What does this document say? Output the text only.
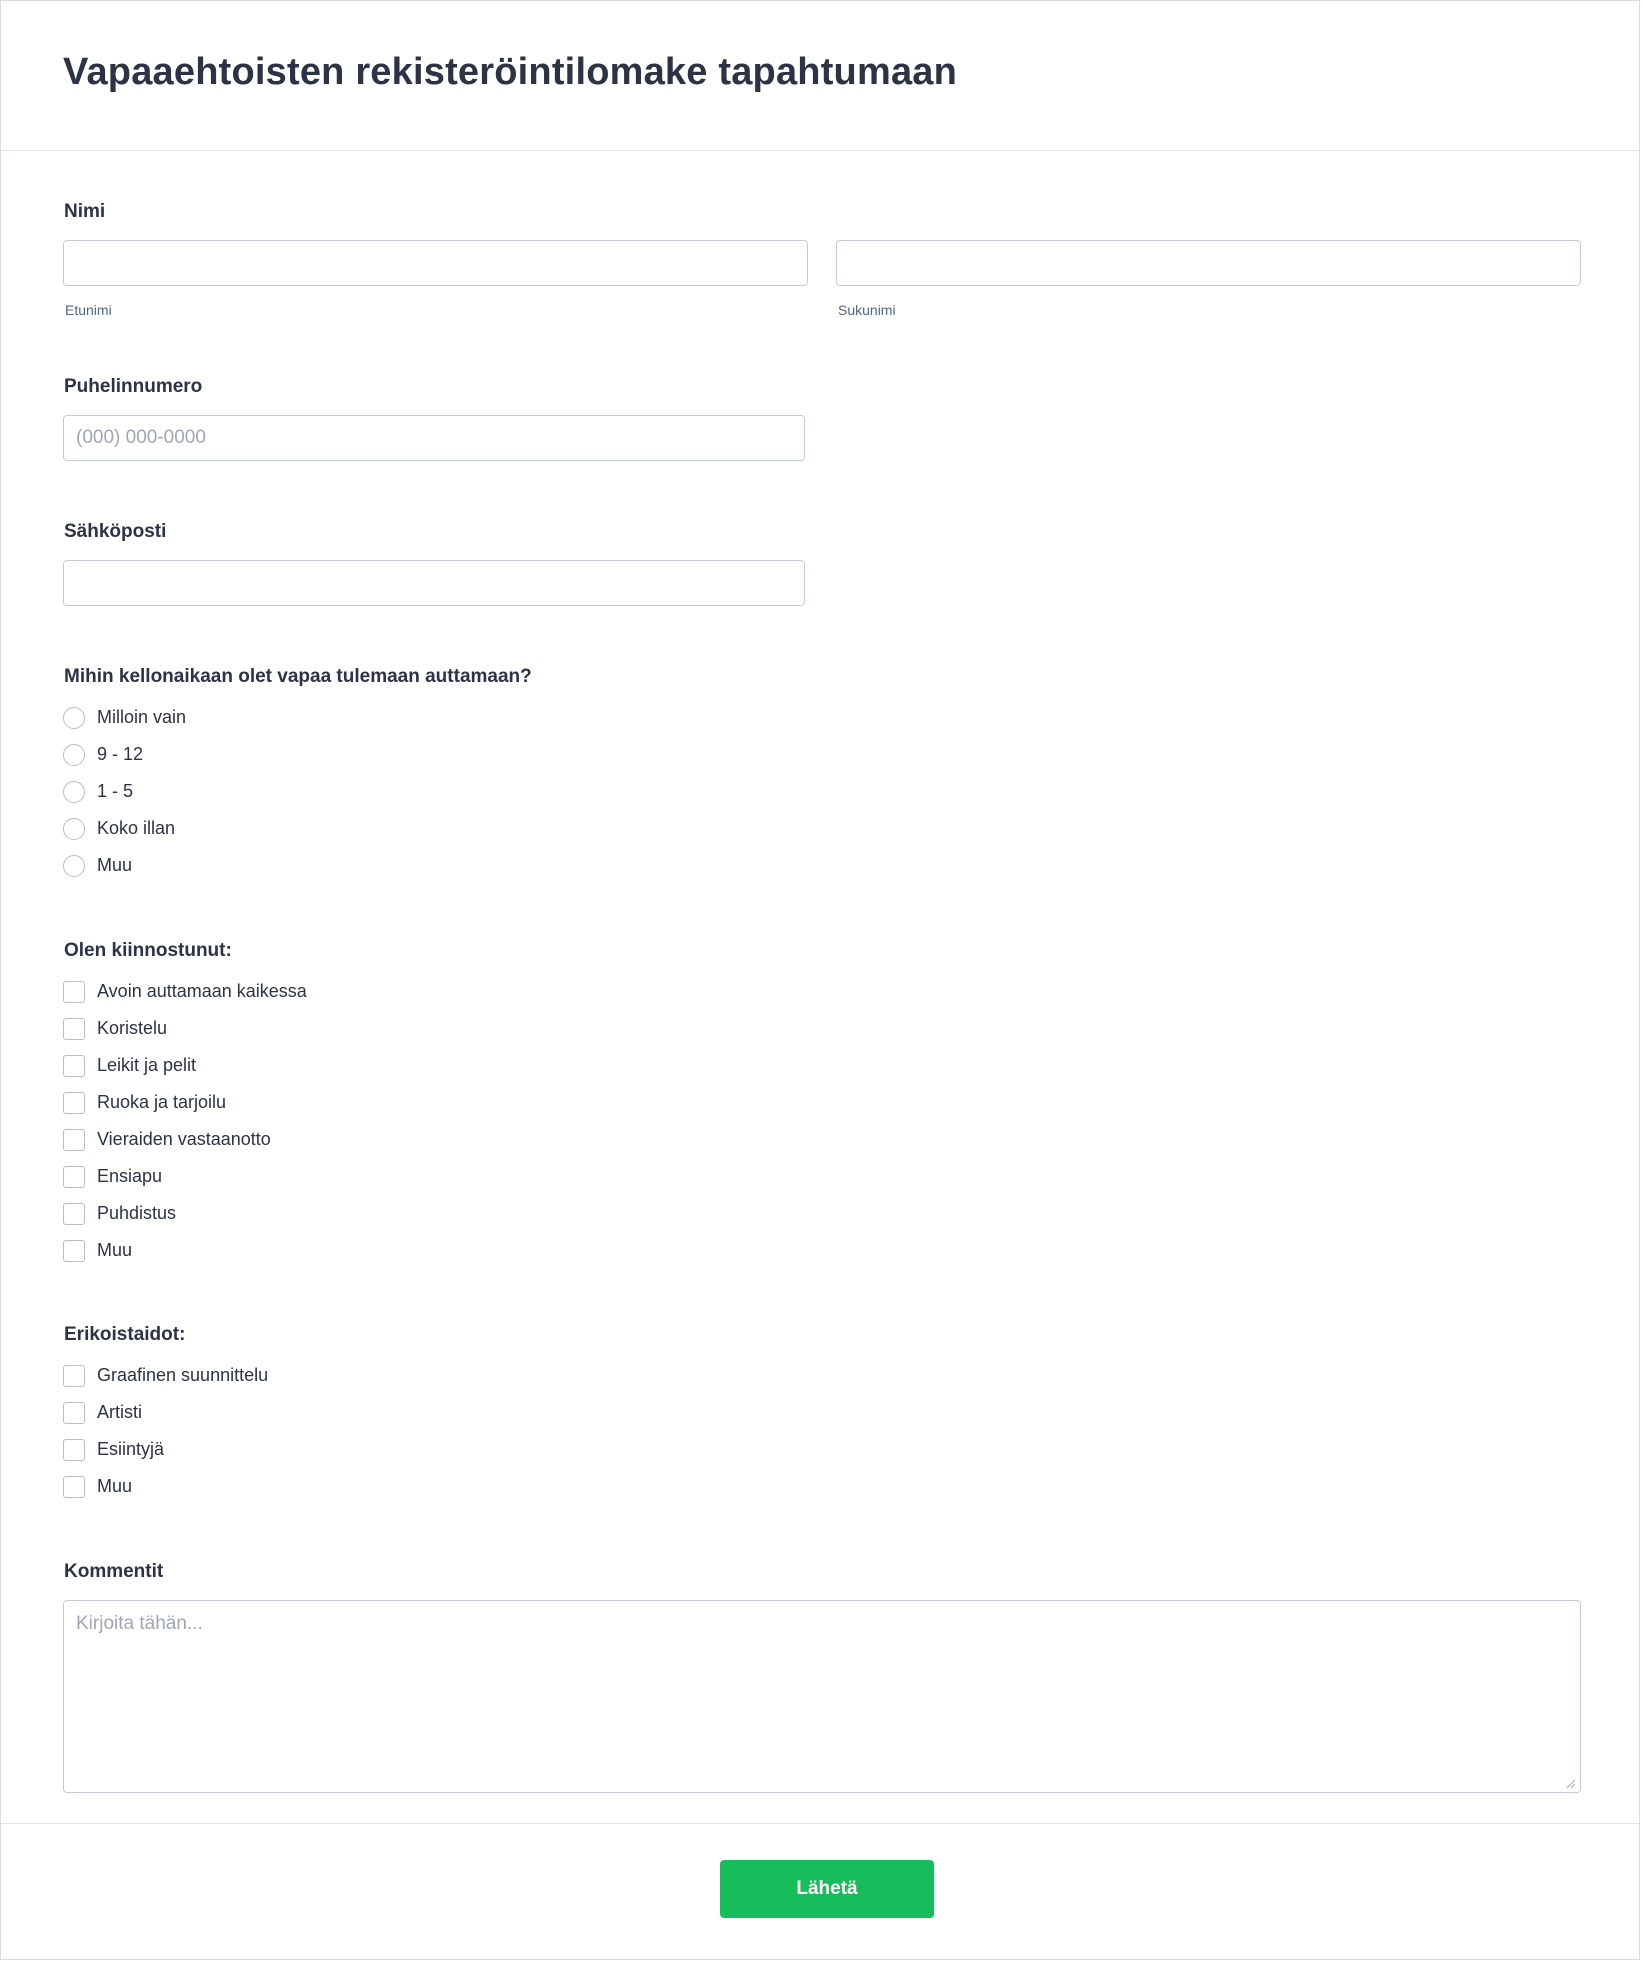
Vapaaehtoisten rekisteröintilomake tapahtumaan
Nimi
Etunimi	Sukunimi
Puhelinnumero
(000) 000-0000
Sähköposti
Mihin kellonaikaan olet vapaa tulemaan auttamaan?
Milloin vain
9 - 12
1 - 5
Koko illan
Muu
Olen kiinnostunut:
Avoin auttamaan kaikessa
Koristelu
Leikit ja pelit
Ruoka ja tarjoilu
Vieraiden vastaanotto
Ensiapu
Puhdistus
Muu
Erikoistaidot:
Graafinen suunnittelu
Artisti
Esiintyjä
Muu
Kommentit
Kirjoita tähän...
Lähetä
